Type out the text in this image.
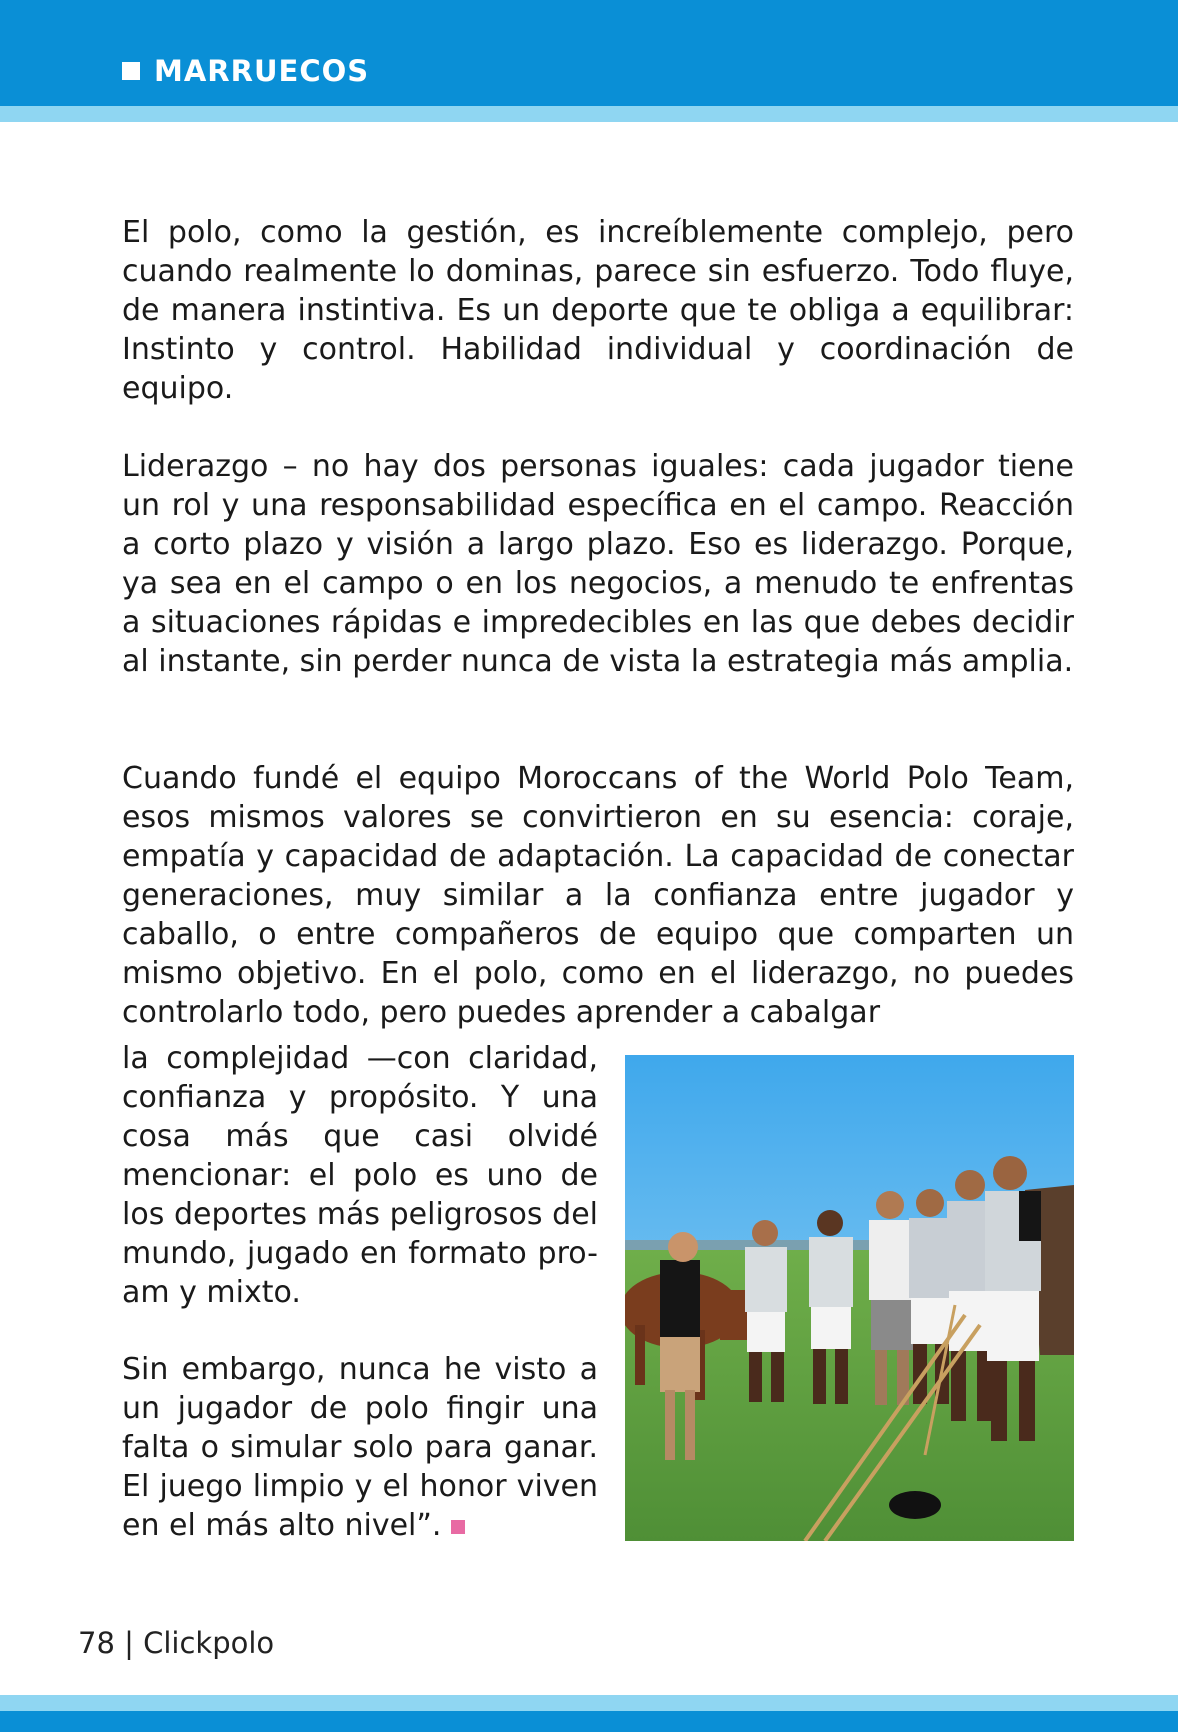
MARRUECOS

El polo, como la gestión, es increíblemente complejo, pero cuando realmente lo dominas, parece sin esfuerzo. Todo fluye, de manera instintiva. Es un deporte que te obliga a equilibrar: Instinto y control. Habilidad individual y coordinación de equipo.

Liderazgo – no hay dos personas iguales: cada jugador tiene un rol y una responsabilidad específica en el campo. Reacción a corto plazo y visión a largo plazo. Eso es liderazgo. Porque, ya sea en el campo o en los negocios, a menudo te enfrentas a situaciones rápidas e impredecibles en las que debes decidir al instante, sin perder nunca de vista la estrategia más amplia.

Cuando fundé el equipo Moroccans of the World Polo Team, esos mismos valores se convirtieron en su esencia: coraje, empatía y capacidad de adaptación. La capacidad de conectar generaciones, muy similar a la confianza entre jugador y caballo, o entre compañeros de equipo que comparten un mismo objetivo. En el polo, como en el liderazgo, no puedes controlarlo todo, pero puedes aprender a cabalgar

la complejidad —con claridad, confianza y propósito. Y una cosa más que casi olvidé mencionar: el polo es uno de los deportes más peligrosos del mundo, jugado en formato pro-am y mixto.

Sin embargo, nunca he visto a un jugador de polo fingir una falta o simular solo para ganar. El juego limpio y el honor viven en el más alto nivel”.

78 | Clickpolo
